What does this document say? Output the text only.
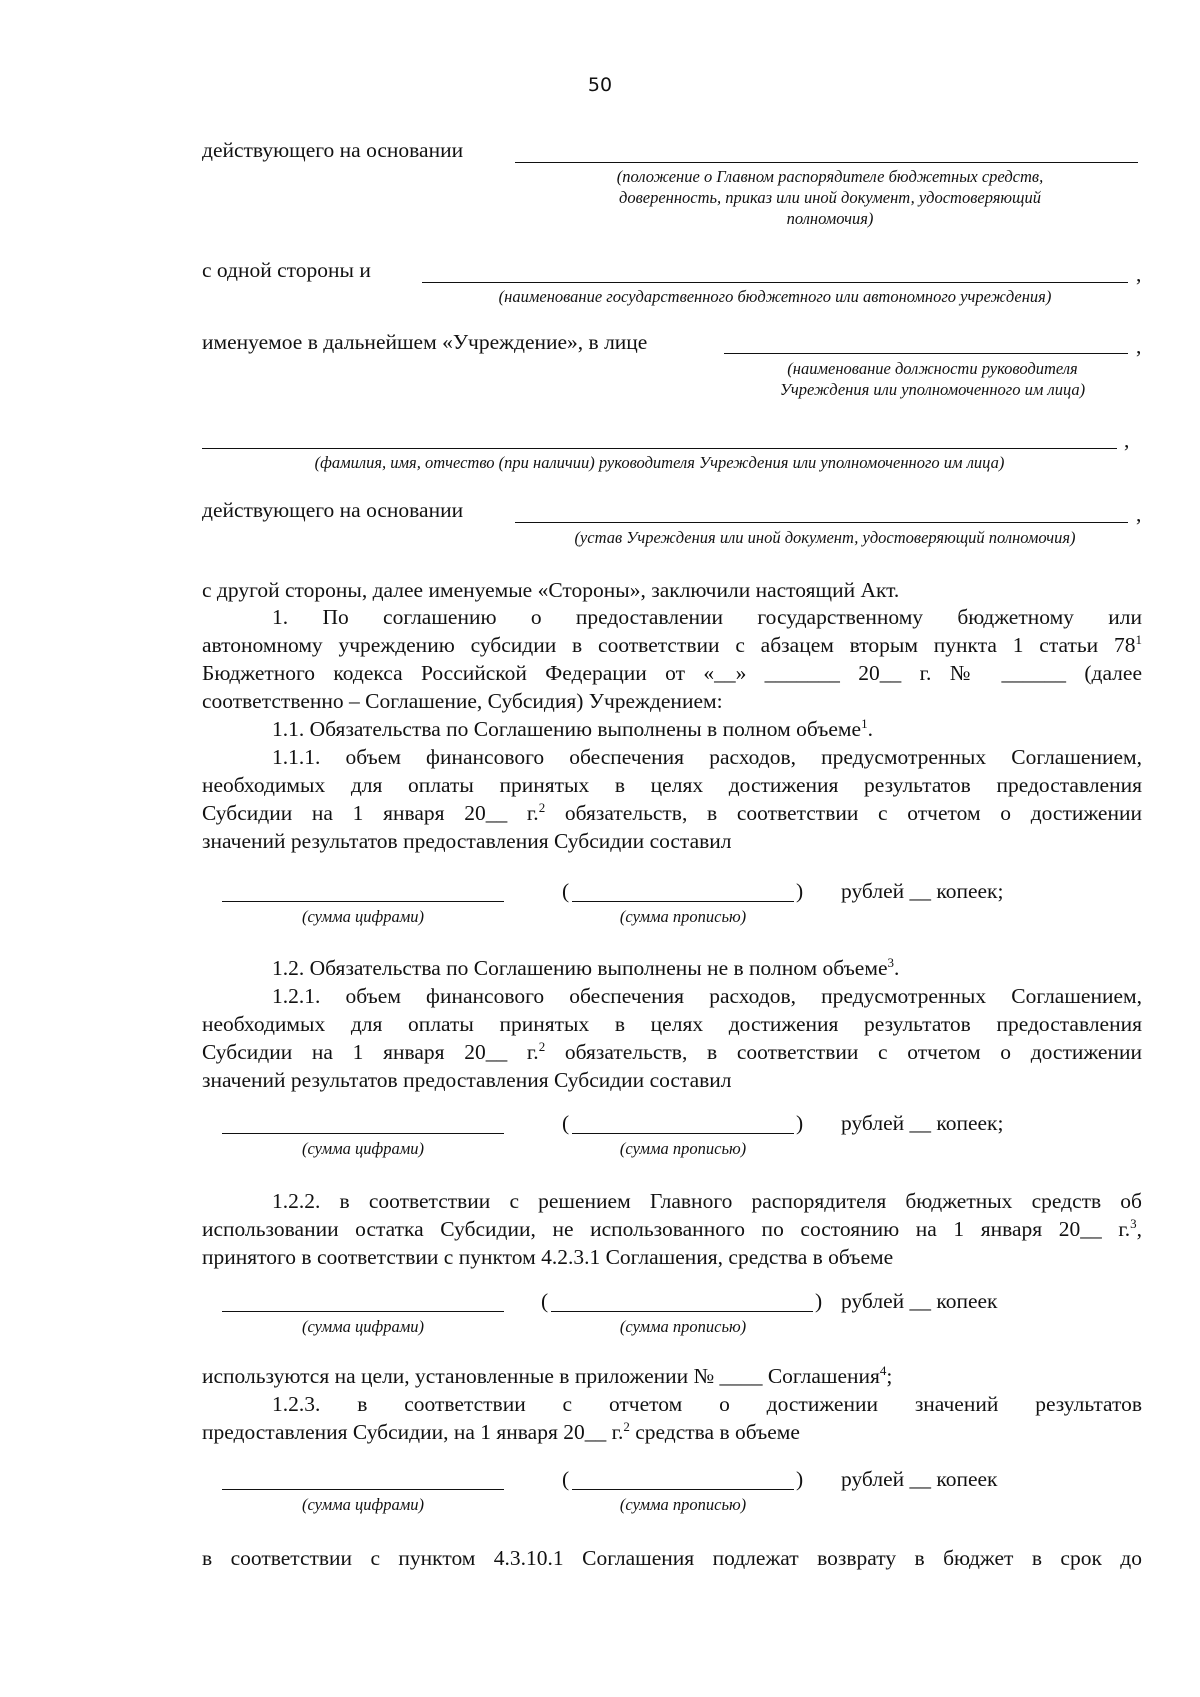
50
действующего на основании
(положение о Главном распорядителе бюджетных средств,
доверенность, приказ или иной документ, удостоверяющий
полномочия)
с одной стороны и	,
(наименование государственного бюджетного или автономного учреждения)
именуемое в дальнейшем «Учреждение», в лице	,
(наименование должности руководителя
Учреждения или уполномоченного им лица)
,
(фамилия, имя, отчество (при наличии) руководителя Учреждения или уполномоченного им лица)
действующего на основании	,
(устав Учреждения или иной документ, удостоверяющий полномочия)
с другой стороны, далее именуемые «Стороны», заключили настоящий Акт.
1. По соглашению о предоставлении государственному бюджетному или
автономному учреждению субсидии в соответствии с абзацем вторым пункта 1 статьи $78^1$
Бюджетного кодекса Российской Федерации от «__» _______ 20__ г. № ______ (далее
соответственно – Соглашение, Субсидия) Учреждением:
1.1. Обязательства по Соглашению выполнены в полном объеме$^1$.
1.1.1. объем финансового обеспечения расходов, предусмотренных Соглашением,
необходимых для оплаты принятых в целях достижения результатов предоставления
Субсидии на 1 января 20__ г.$^2$ обязательств, в соответствии с отчетом о достижении
значений результатов предоставления Субсидии составил
(	) рублей __ копеек;
(сумма цифрами)	(сумма прописью)
1.2. Обязательства по Соглашению выполнены не в полном объеме$^3$.
1.2.1. объем финансового обеспечения расходов, предусмотренных Соглашением,
необходимых для оплаты принятых в целях достижения результатов предоставления
Субсидии на 1 января 20__ г.$^2$ обязательств, в соответствии с отчетом о достижении
значений результатов предоставления Субсидии составил
(	) рублей __ копеек;
(сумма цифрами)	(сумма прописью)
1.2.2. в соответствии с решением Главного распорядителя бюджетных средств об
использовании остатка Субсидии, не использованного по состоянию на 1 января 20__ г.$^3$,
принятого в соответствии с пунктом 4.2.3.1 Соглашения, средства в объеме
(	) рублей __ копеек
(сумма цифрами)	(сумма прописью)
используются на цели, установленные в приложении № ____ Соглашения$^4$;
1.2.3. в соответствии с отчетом о достижении значений результатов
предоставления Субсидии, на 1 января 20__ г.$^2$ средства в объеме
(	) рублей __ копеек
(сумма цифрами)	(сумма прописью)
в соответствии с пунктом 4.3.10.1 Соглашения подлежат возврату в бюджет в срок до
